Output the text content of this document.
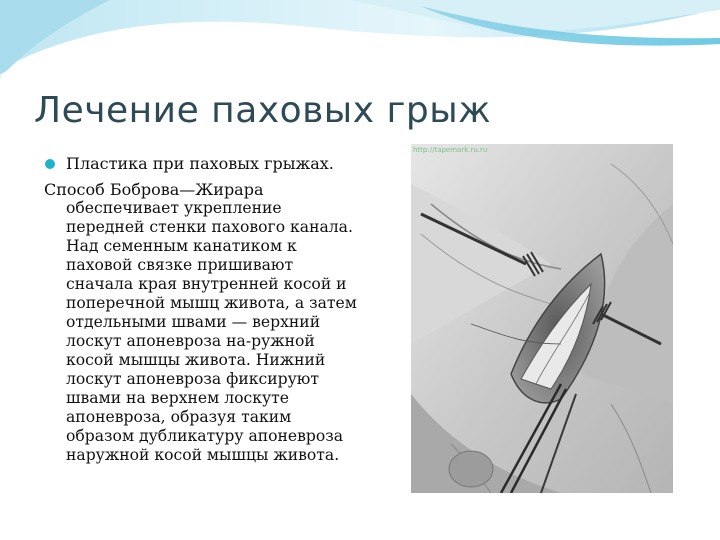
Лечение паховых грыж
Пластика при паховых грыжах.
Способ Боброва—Жирара
обеспечивает укрепление
передней стенки пахового канала.
Над семенным канатиком к
паховой связке пришивают
сначала края внутренней косой и
поперечной мышц живота, а затем
отдельными швами — верхний
лоскут апоневроза на-ружной
косой мышцы живота. Нижний
лоскут апоневроза фиксируют
швами на верхнем лоскуте
апоневроза, образуя таким
образом дубликатуру апоневроза
наружной косой мышцы живота.
http://tapemark.ru.ru
